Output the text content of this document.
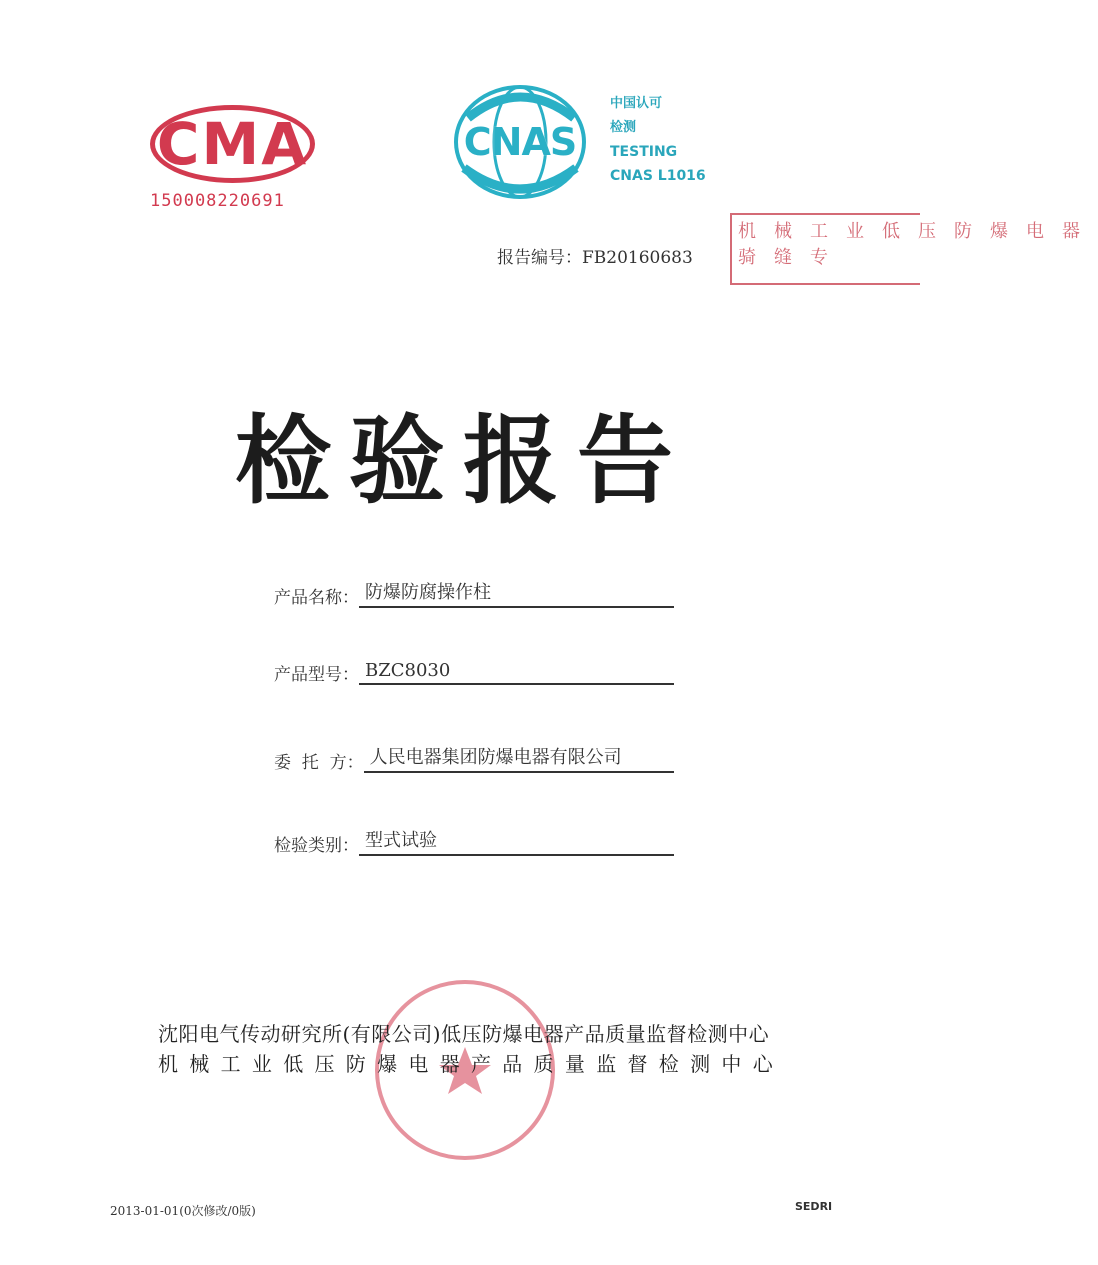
CMA
150008220691
CNAS
中国认可
检测
TESTING
CNAS L1016
机械工业低压防爆电器
骑缝专
报告编号：FB20160683
检验报告
产品名称： 防爆防腐操作柱
产品型号： BZC8030
委  托  方： 人民电器集团防爆电器有限公司
检验类别： 型式试验
沈阳电气传动研究所(有限公司)低压防爆电器产品质量监督检测中心
机械工业低压防爆电器产品质量监督检测中心
2013-01-01(0次修改/0版)	SEDRI
